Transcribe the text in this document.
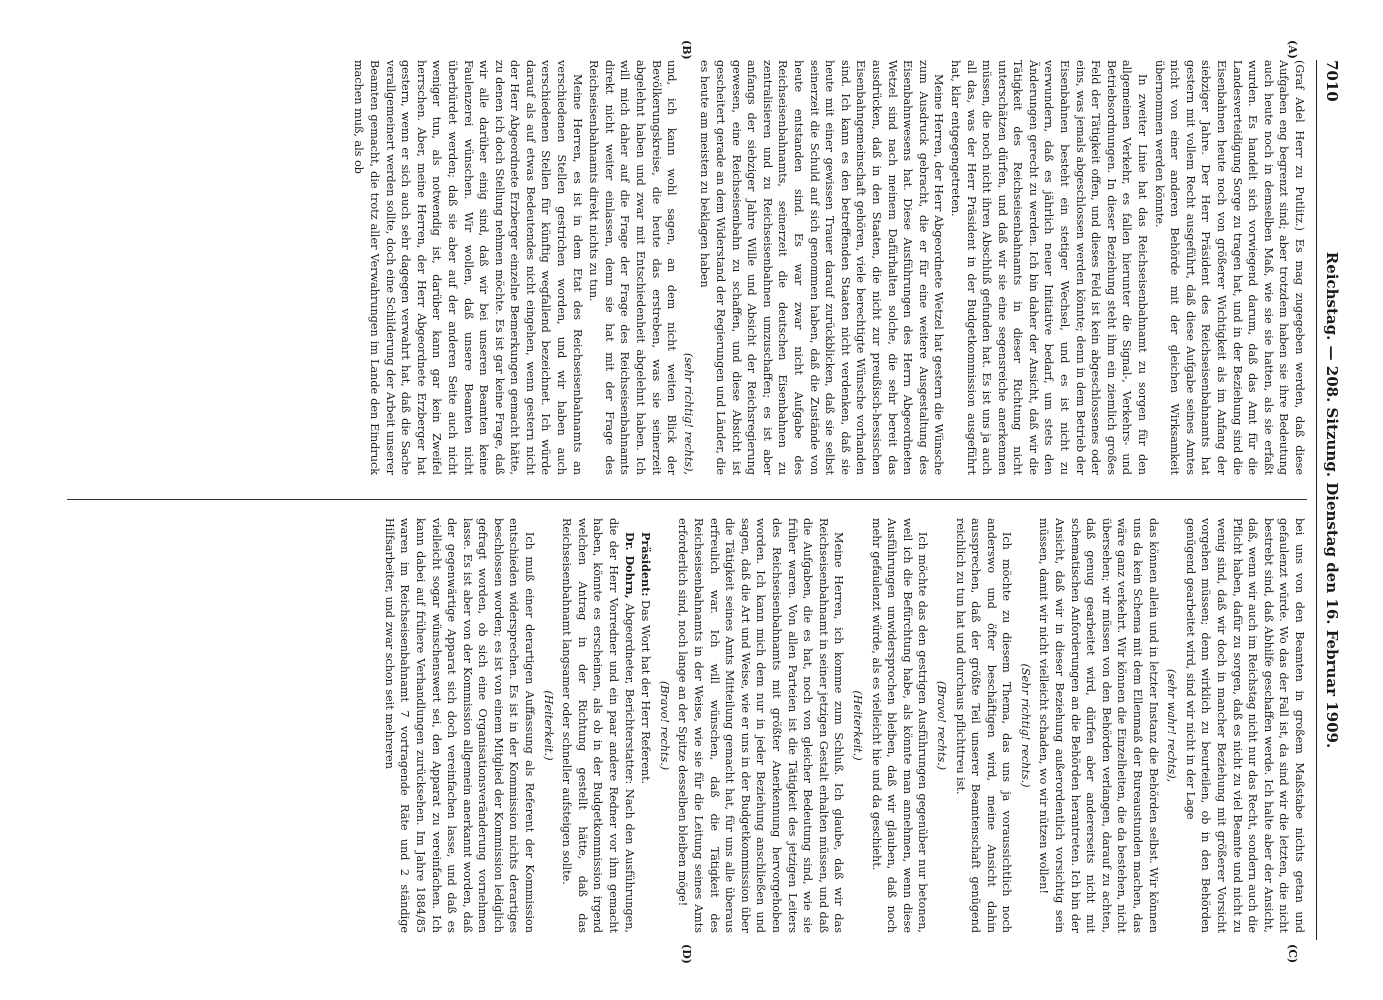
7010
Reichstag. — 208. Sitzung. Dienstag den 16. Februar 1909.
(A)
(B)
(C)
(D)

(Graf Adel Herr zu Putlitz.) Es mag zugegeben werden, daß diese Aufgaben eng begrenzt sind; aber trotzdem haben sie ihre Bedeutung auch heute noch in demselben Maß, wie sie sie hatten, als sie erfaßt wurden. Es handelt sich vorwiegend darum, daß das Amt für die Landesverteidigung Sorge zu tragen hat, und in der Beziehung sind die Eisenbahnen heute noch von größerer Wichtigkeit als im Anfang der siebziger Jahre. Der Herr Präsident des Reichseisenbahnamts hat gestern mit vollem Recht ausgeführt, daß diese Aufgabe seines Amtes nicht von einer anderen Behörde mit der gleichen Wirksamkeit übernommen werden könnte.

In zweiter Linie hat das Reichseisenbahnamt zu sorgen für den allgemeinen Verkehr, es fallen hierunter die Signal-, Verkehrs- und Betriebsordnungen. In dieser Beziehung steht ihm ein ziemlich großes Feld der Tätigkeit offen, und dieses Feld ist kein abgeschlossenes oder eins, was jemals abgeschlossen werden könnte; denn in dem Betrieb der Eisenbahnen besteht ein stetiger Wechsel, und es ist nicht zu verwundern, daß es jährlich neuer Initiative bedarf, um stets den Änderungen gerecht zu werden. Ich bin daher der Ansicht, daß wir die Tätigkeit des Reichseisenbahnamts in dieser Richtung nicht unterschätzen dürfen, und daß wir sie eine segensreiche anerkennen müssen, die noch nicht ihren Abschluß gefunden hat. Es ist uns ja auch all das, was der Herr Präsident in der Budgetkommission ausgeführt hat, klar entgegengetreten.

Meine Herren, der Herr Abgeordnete Wetzel hat gestern die Wünsche zum Ausdruck gebracht, die er für eine weitere Ausgestaltung des Eisenbahnwesens hat. Diese Ausführungen des Herrn Abgeordneten Wetzel sind nach meinem Dafürhalten solche, die sehr bereit das ausdrücken, daß in den Staaten, die nicht zur preußisch-hessischen Eisenbahngemeinschaft gehören, viele berechtigte Wünsche vorhanden sind. Ich kann es den betreffenden Staaten nicht verdenken, daß sie heute mit einer gewissen Trauer darauf zurückblicken, daß sie selbst seinerzeit die Schuld auf sich genommen haben, daß die Zustände von heute entstanden sind. Es war zwar nicht Aufgabe des Reichseisenbahnamts, seinerzeit die deutschen Eisenbahnen zu zentralisieren und zu Reichseisenbahnen umzuschaffen; es ist aber anfangs der siebziger Jahre Wille und Absicht der Reichsregierung gewesen, eine Reichseisenbahn zu schaffen, und diese Absicht ist gescheitert gerade an dem Widerstand der Regierungen und Länder, die es heute am meisten zu beklagen haben

(sehr richtig! rechts),

und, ich kann wohl sagen, an dem nicht weiten Blick der Bevölkerungskreise, die heute das erstreben, was sie seinerzeit abgelehnt haben und zwar mit Entschiedenheit abgelehnt haben. Ich will mich daher auf die Frage der Frage des Reichseisenbahnamts direkt nicht weiter einlassen, denn sie hat mit der Frage des Reichseisenbahnamts direkt nichts zu tun.

Meine Herren, es ist in dem Etat des Reichseisenbahnamts an verschiedenen Stellen gestrichen worden, und wir haben auch verschiedenen Stellen für künftig wegfallend bezeichnet. Ich würde darauf als auf etwas Bedeutendes nicht eingehen, wenn gestern nicht der Herr Abgeordnete Erzberger einzelne Bemerkungen gemacht hätte, zu denen ich doch Stellung nehmen möchte. Es ist gar keine Frage, daß wir alle darüber einig sind, daß wir bei unseren Beamten keine Faulenzerei wünschen. Wir wollen, daß unsere Beamten nicht überbürdet werden; daß sie aber auf der anderen Seite auch nicht weniger tun, als notwendig ist, darüber kann gar kein Zweifel herrschen. Aber, meine Herren, der Herr Abgeordnete Erzberger hat gestern, wenn er sich auch sehr dagegen verwahrt hat, daß die Sache verallgemeinert werden sollte, doch eine Schilderung der Arbeit unserer Beamten gemacht, die trotz aller Verwahrungen im Lande den Eindruck machen muß, als ob

bei uns von den Beamten in großem Maßstabe nichts getan und gefaulenzt würde. Wo das der Fall ist, da sind wir die letzten, die nicht bestrebt sind, daß Abhilfe geschaffen werde. Ich halte aber der Ansicht, daß, wenn wir auch im Reichstag nicht nur das Recht, sondern auch die Pflicht haben, dafür zu sorgen, daß es nicht zu viel Beamte und nicht zu wenig sind, daß wir doch in mancher Beziehung mit größerer Vorsicht vorgehen müssen; denn wirklich zu beurteilen, ob in den Behörden genügend gearbeitet wird, sind wir nicht in der Lage

(sehr wahr! rechts),

das können allein und in letzter Instanz die Behörden selbst. Wir können uns da kein Schema mit dem Ellenmaß der Bureaustunden machen, das wäre ganz verkehrt. Wir können die Einzelheiten, die da bestehen, nicht übersehen; wir müssen von den Behörden verlangen, darauf zu achten, daß genug gearbeitet wird, dürfen aber andererseits nicht mit schematischen Anforderungen an die Behörden herantreten. Ich bin der Ansicht, daß wir in dieser Beziehung außerordentlich vorsichtig sein müssen, damit wir nicht vielleicht schaden, wo wir nützen wollen!

(Sehr richtig! rechts.)

Ich möchte zu diesem Thema, das uns ja voraussichtlich noch anderswo und öfter beschäftigen wird, meine Ansicht dahin aussprechen, daß der größte Teil unserer Beamtenschaft genügend reichlich zu tun hat und durchaus pflichttreu ist.

(Bravo! rechts.)

Ich möchte das den gestrigen Ausführungen gegenüber nur betonen, weil ich die Befürchtung habe, als könnte man annehmen, wenn diese Ausführungen unwidersprochen bleiben, daß wir glauben, daß noch mehr gefaulenzt würde, als es vielleicht hie und da geschieht.

(Heiterkeit.)

Meine Herren, ich komme zum Schluß. Ich glaube, daß wir das Reichseisenbahnamt in seiner jetzigen Gestalt erhalten müssen, und daß die Aufgaben, die es hat, noch von gleicher Bedeutung sind, wie sie früher waren. Von allen Parteien ist die Tätigkeit des jetzigen Leiters des Reichseisenbahnamts mit größter Anerkennung hervorgehoben worden. Ich kann mich dem nur in jeder Beziehung anschließen und sagen, daß die Art und Weise, wie er uns in der Budgetkommission über die Tätigkeit seines Amts Mitteilung gemacht hat, für uns alle überaus erfreulich war. Ich will wünschen, daß die Tätigkeit des Reichseisenbahnamts in der Weise, wie sie für die Leitung seines Amts erforderlich sind, noch lange an der Spitze desselben bleiben möge!

(Bravo! rechts.)

Präsident: Das Wort hat der Herr Referent.

Dr. Dohrn, Abgeordneter, Berichterstatter: Nach den Ausführungen, die der Herr Vorredner und ein paar andere Redner vor ihm gemacht haben, könnte es erscheinen, als ob in der Budgetkommission irgend welchen Antrag in der Richtung gestellt hätte, daß das Reichseisenbahnamt langsamer oder schneller aufsteigen sollte.

(Heiterkeit.)

Ich muß einer derartigen Auffassung als Referent der Kommission entschieden widersprechen. Es ist in der Kommission nichts derartiges beschlossen worden; es ist von einem Mitglied der Kommission lediglich gefragt worden, ob sich eine Organisationsveränderung vornehmen lasse. Es ist aber von der Kommission allgemein anerkannt worden, daß der gegenwärtige Apparat sich doch vereinfachen lasse, und daß es vielleicht sogar wünschenswert sei, den Apparat zu vereinfachen. Ich kann dabei auf frühere Verhandlungen zurücksehen. Im Jahre 1884/85 waren im Reichseisenbahnamt 7 vortragende Räte und 2 ständige Hilfsarbeiter, und zwar schon seit mehreren
